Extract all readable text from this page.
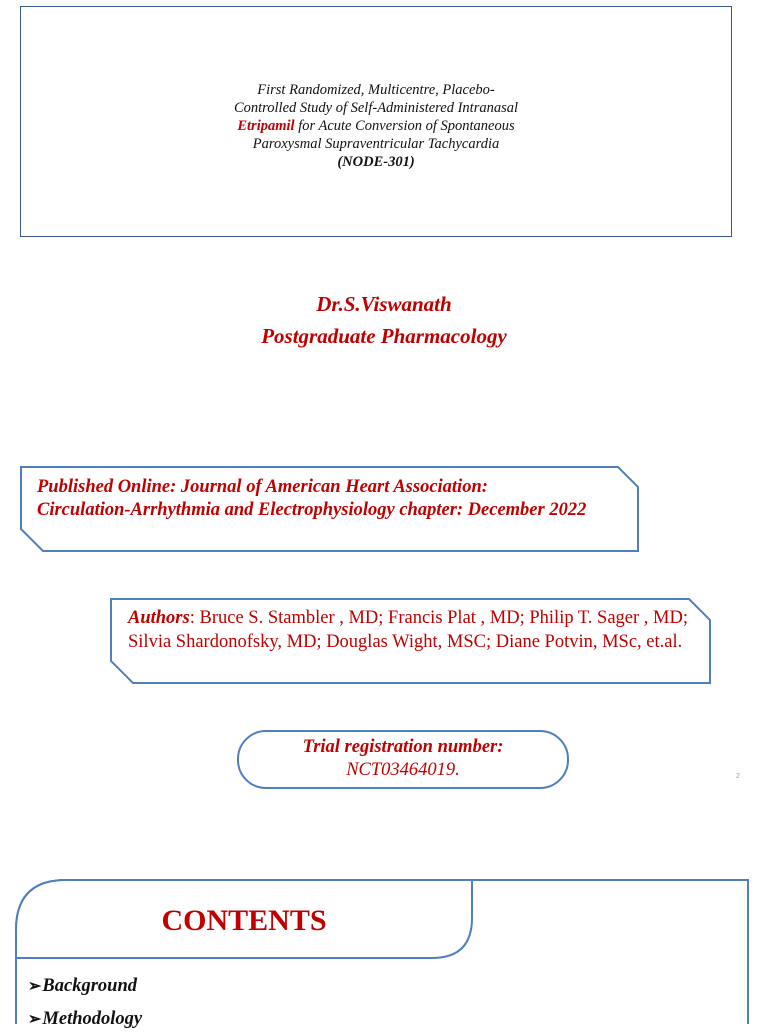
First Randomized, Multicentre, Placebo-
Controlled Study of Self-Administered Intranasal
Etripamil for Acute Conversion of Spontaneous
Paroxysmal Supraventricular Tachycardia
(NODE-301)
Dr.S.Viswanath
Postgraduate Pharmacology
Published Online: Journal of American Heart Association:
Circulation-Arrhythmia and Electrophysiology chapter: December 2022
Authors: Bruce S. Stambler , MD; Francis Plat , MD; Philip T. Sager , MD; Silvia Shardonofsky, MD; Douglas Wight, MSC; Diane Potvin, MSc, et.al.
Trial registration number:
NCT03464019.	2
CONTENTS
➢Background
➢Methodology
